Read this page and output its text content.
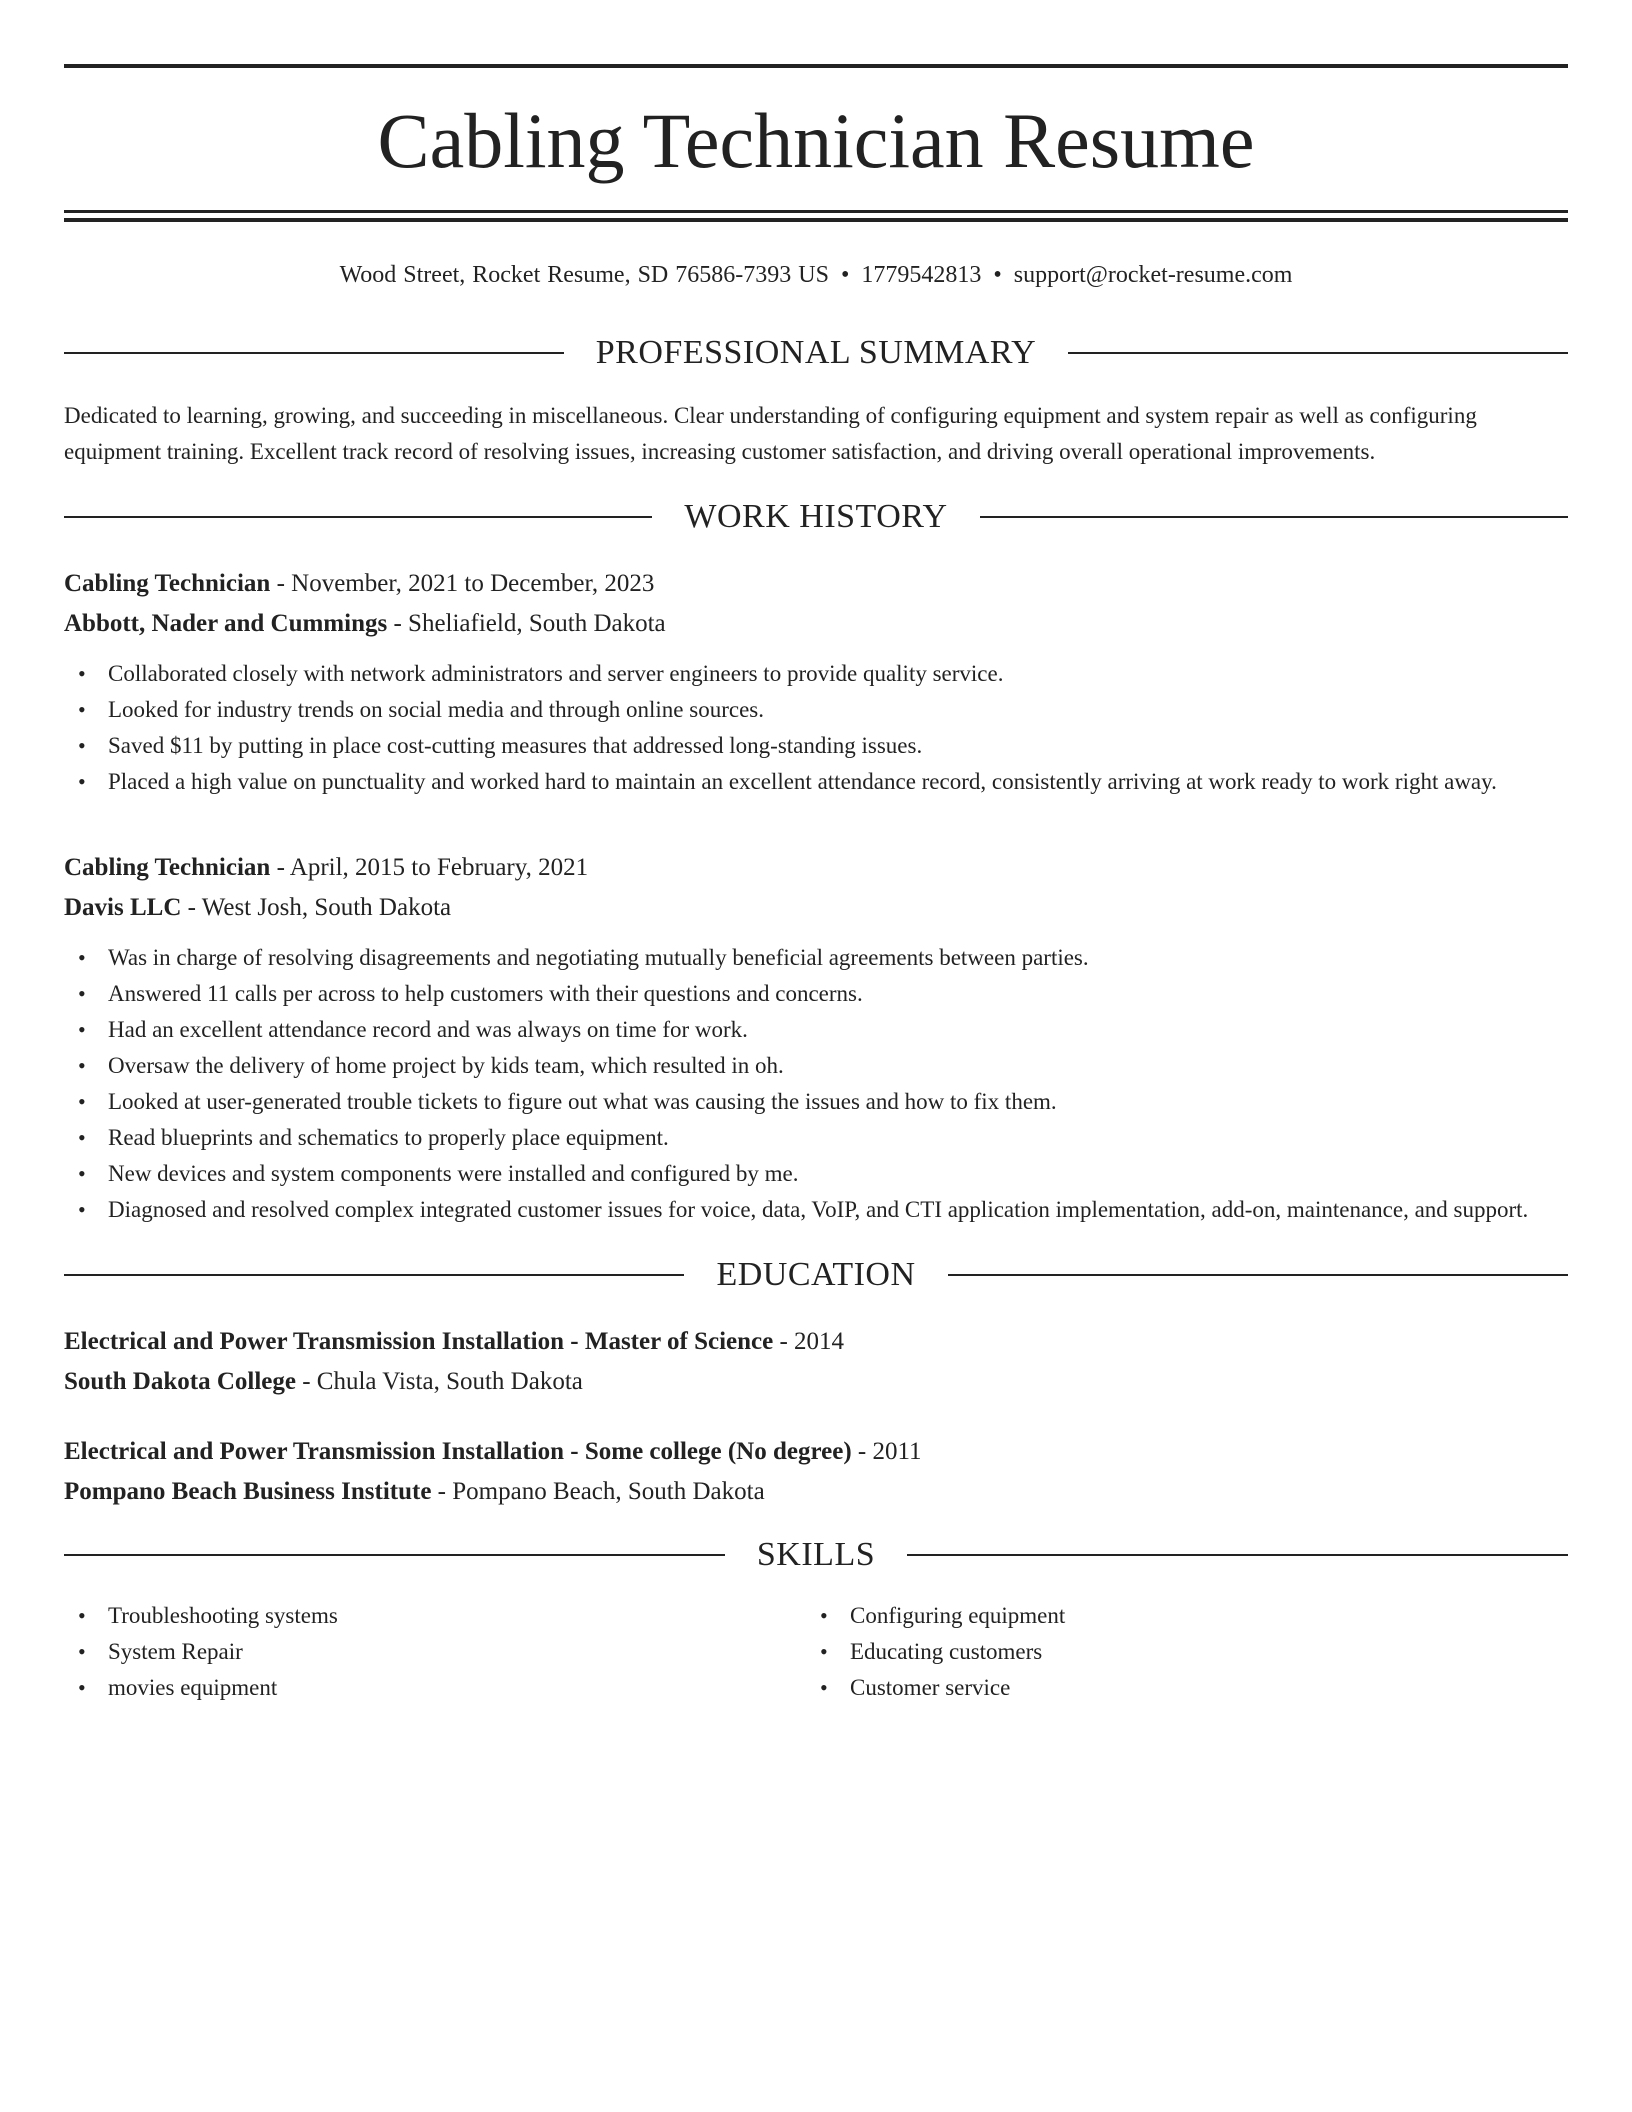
Cabling Technician Resume
Wood Street, Rocket Resume, SD 76586-7393 US • 1779542813 • support@rocket-resume.com
PROFESSIONAL SUMMARY
Dedicated to learning, growing, and succeeding in miscellaneous. Clear understanding of configuring equipment and system repair as well as configuring equipment training. Excellent track record of resolving issues, increasing customer satisfaction, and driving overall operational improvements.
WORK HISTORY
Cabling Technician - November, 2021 to December, 2023
Abbott, Nader and Cummings - Sheliafield, South Dakota
• Collaborated closely with network administrators and server engineers to provide quality service.
• Looked for industry trends on social media and through online sources.
• Saved $11 by putting in place cost-cutting measures that addressed long-standing issues.
• Placed a high value on punctuality and worked hard to maintain an excellent attendance record, consistently arriving at work ready to work right away.
Cabling Technician - April, 2015 to February, 2021
Davis LLC - West Josh, South Dakota
• Was in charge of resolving disagreements and negotiating mutually beneficial agreements between parties.
• Answered 11 calls per across to help customers with their questions and concerns.
• Had an excellent attendance record and was always on time for work.
• Oversaw the delivery of home project by kids team, which resulted in oh.
• Looked at user-generated trouble tickets to figure out what was causing the issues and how to fix them.
• Read blueprints and schematics to properly place equipment.
• New devices and system components were installed and configured by me.
• Diagnosed and resolved complex integrated customer issues for voice, data, VoIP, and CTI application implementation, add-on, maintenance, and support.
EDUCATION
Electrical and Power Transmission Installation - Master of Science - 2014
South Dakota College - Chula Vista, South Dakota
Electrical and Power Transmission Installation - Some college (No degree) - 2011
Pompano Beach Business Institute - Pompano Beach, South Dakota
SKILLS
• Troubleshooting systems
• System Repair
• movies equipment
• Configuring equipment
• Educating customers
• Customer service
